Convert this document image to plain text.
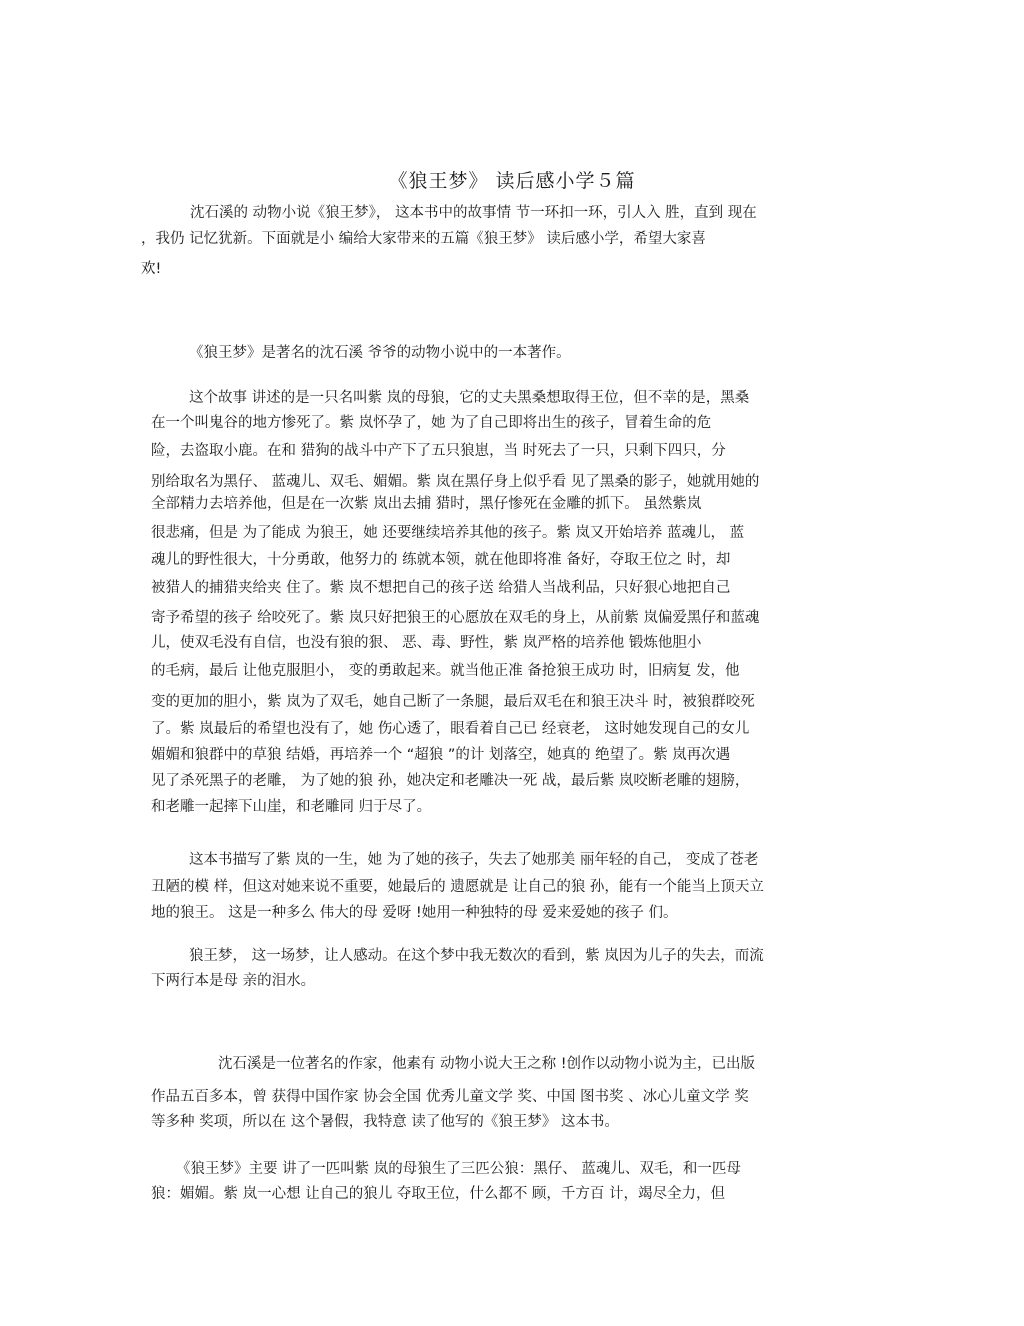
《狼王梦》 读后感小学５篇
沈石溪的 动物小说《狼王梦》， 这本书中的故事情 节一环扣一环，引人入 胜，直到 现在
，我仍 记忆犹新。下面就是小 编给大家带来的五篇《狼王梦》 读后感小学，希望大家喜
欢!
《狼王梦》是著名的沈石溪 爷爷的动物小说中的一本著作。
这个故事 讲述的是一只名叫紫 岚的母狼，它的丈夫黑桑想取得王位，但不幸的是，黑桑
在一个叫鬼谷的地方惨死了。紫 岚怀孕了，她 为了自己即将出生的孩子，冒着生命的危
险，去盗取小鹿。在和 猎狗的战斗中产下了五只狼崽，当 时死去了一只，只剩下四只，分
别给取名为黑仔、 蓝魂儿、双毛、媚媚。紫 岚在黑仔身上似乎看 见了黑桑的影子，她就用她的
全部精力去培养他，但是在一次紫 岚出去捕 猎时，黑仔惨死在金雕的抓下。 虽然紫岚
很悲痛，但是 为了能成 为狼王，她 还要继续培养其他的孩子。紫 岚又开始培养 蓝魂儿， 蓝
魂儿的野性很大，十分勇敢，他努力的 练就本领，就在他即将准 备好，夺取王位之 时，却
被猎人的捕猎夹给夹 住了。紫 岚不想把自己的孩子送 给猎人当战利品，只好狠心地把自己
寄予希望的孩子 给咬死了。紫 岚只好把狼王的心愿放在双毛的身上，从前紫 岚偏爱黑仔和蓝魂
儿，使双毛没有自信，也没有狼的狠、 恶、毒、野性，紫 岚严格的培养他 锻炼他胆小
的毛病，最后 让他克服胆小， 变的勇敢起来。就当他正准 备抢狼王成功 时，旧病复 发，他
变的更加的胆小，紫 岚为了双毛，她自己断了一条腿，最后双毛在和狼王决斗 时，被狼群咬死
了。紫 岚最后的希望也没有了，她 伤心透了，眼看着自己已 经衰老， 这时她发现自己的女儿
媚媚和狼群中的草狼 结婚，再培养一个 “超狼 ”的计 划落空，她真的 绝望了。紫 岚再次遇
见了杀死黑子的老雕， 为了她的狼 孙，她决定和老雕决一死 战，最后紫 岚咬断老雕的翅膀，
和老雕一起摔下山崖，和老雕同 归于尽了。
这本书描写了紫 岚的一生，她 为了她的孩子，失去了她那美 丽年轻的自己， 变成了苍老
丑陋的模 样，但这对她来说不重要，她最后的 遗愿就是 让自己的狼 孙，能有一个能当上顶天立
地的狼王。 这是一种多么 伟大的母 爱呀 !她用一种独特的母 爱来爱她的孩子 们。
狼王梦， 这一场梦，让人感动。在这个梦中我无数次的看到，紫 岚因为儿子的失去，而流
下两行本是母 亲的泪水。
沈石溪是一位著名的作家，他素有 动物小说大王之称 !创作以动物小说为主，已出版
作品五百多本，曾 获得中国作家 协会全国 优秀儿童文学 奖、中国 图书奖 、冰心儿童文学 奖
等多种 奖项，所以在 这个暑假，我特意 读了他写的《狼王梦》 这本书。
《狼王梦》主要 讲了一匹叫紫 岚的母狼生了三匹公狼：黑仔、 蓝魂儿、双毛，和一匹母
狼：媚媚。紫 岚一心想 让自己的狼儿 夺取王位，什么都不 顾，千方百 计，竭尽全力，但
